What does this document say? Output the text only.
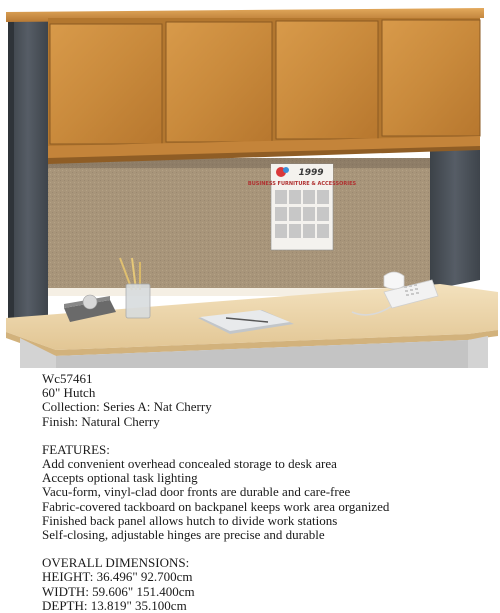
1999
BUSINESS FURNITURE & ACCESSORIES
Wc57461
60" Hutch
Collection: Series A: Nat Cherry
Finish: Natural Cherry
FEATURES:
Add convenient overhead concealed storage to desk area
Accepts optional task lighting
Vacu-form, vinyl-clad door fronts are durable and care-free
Fabric-covered tackboard on backpanel keeps work area organized
Finished back panel allows hutch to divide work stations
Self-closing, adjustable hinges are precise and durable
OVERALL DIMENSIONS:
HEIGHT: 36.496" 92.700cm
WIDTH: 59.606" 151.400cm
DEPTH: 13.819" 35.100cm
